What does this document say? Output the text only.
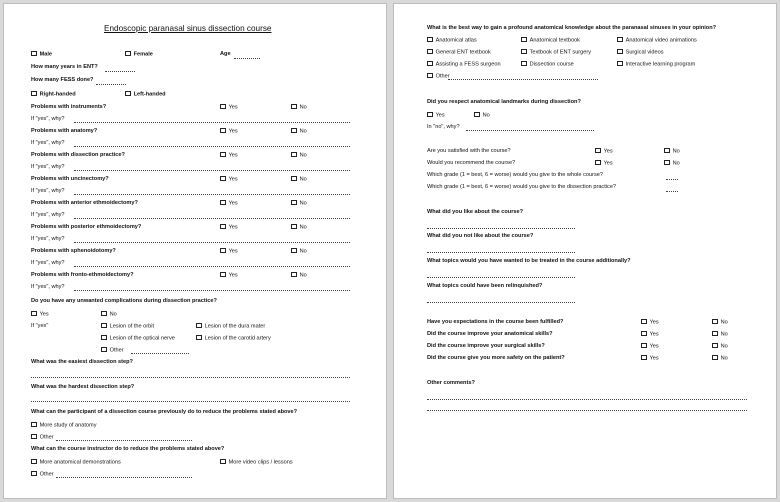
Endoscopic paranasal sinus dissection course
Male	Female	Age
How many years in ENT?
How many FESS done?
Right-handed	Left-handed
Problems with instruments?	Yes	No
If "yes", why?
Problems with anatomy?	Yes	No
If "yes", why?
Problems with dissection practice?	Yes	No
If "yes", why?
Problems with uncinectomy?	Yes	No
If "yes", why?
Problems with anterior ethmoidectomy?	Yes	No
If "yes", why?
Problems with posterior ethmoidectomy?	Yes	No
If "yes", why?
Problems with sphenoidotomy?	Yes	No
If "yes", why?
Problems with fronto-ethmoidectomy?	Yes	No
If "yes", why?
Do you have any unwanted complications during dissection practice?
Yes	No
If "yes"	Lesion of the orbit	Lesion of the dura mater
Lesion of the optical nerve	Lesion of the carotid artery
Other
What was the easiest dissection step?
What was the hardest dissection step?
What can the participant of a dissection course previously do to reduce the problems stated above?
More study of anatomy
Other
What can the course instructor do to reduce the problems stated above?
More anatomical demonstrations	More video clips / lessons
Other
What is the best way to gain a profound anatomical knowledge about the paranasal sinuses in your opinion?
Anatomical atlas	Anatomical textbook	Anatomical video animations
General ENT textbook	Textbook of ENT surgery	Surgical videos
Assisting a FESS surgeon	Dissection course	Interactive learning program
Other
Did you respect anatomical landmarks during dissection?
Yes	No
In "no", why?
Are you satisfied with the course?	Yes	No
Would you recommend the course?	Yes	No
Which grade (1 = best, 6 = worse) would you give to the whole course?
Which grade (1 = best, 6 = worse) would you give to the dissection practice?
What did you like about the course?
What did you not like about the course?
What topics would you have wanted to be treated in the course additionally?
What topics could have been relinquished?
Have you expectations in the course been fulfilled?	Yes	No
Did the course improve your anatomical skills?	Yes	No
Did the course improve your surgical skills?	Yes	No
Did the course give you more safety on the patient?	Yes	No
Other comments?
